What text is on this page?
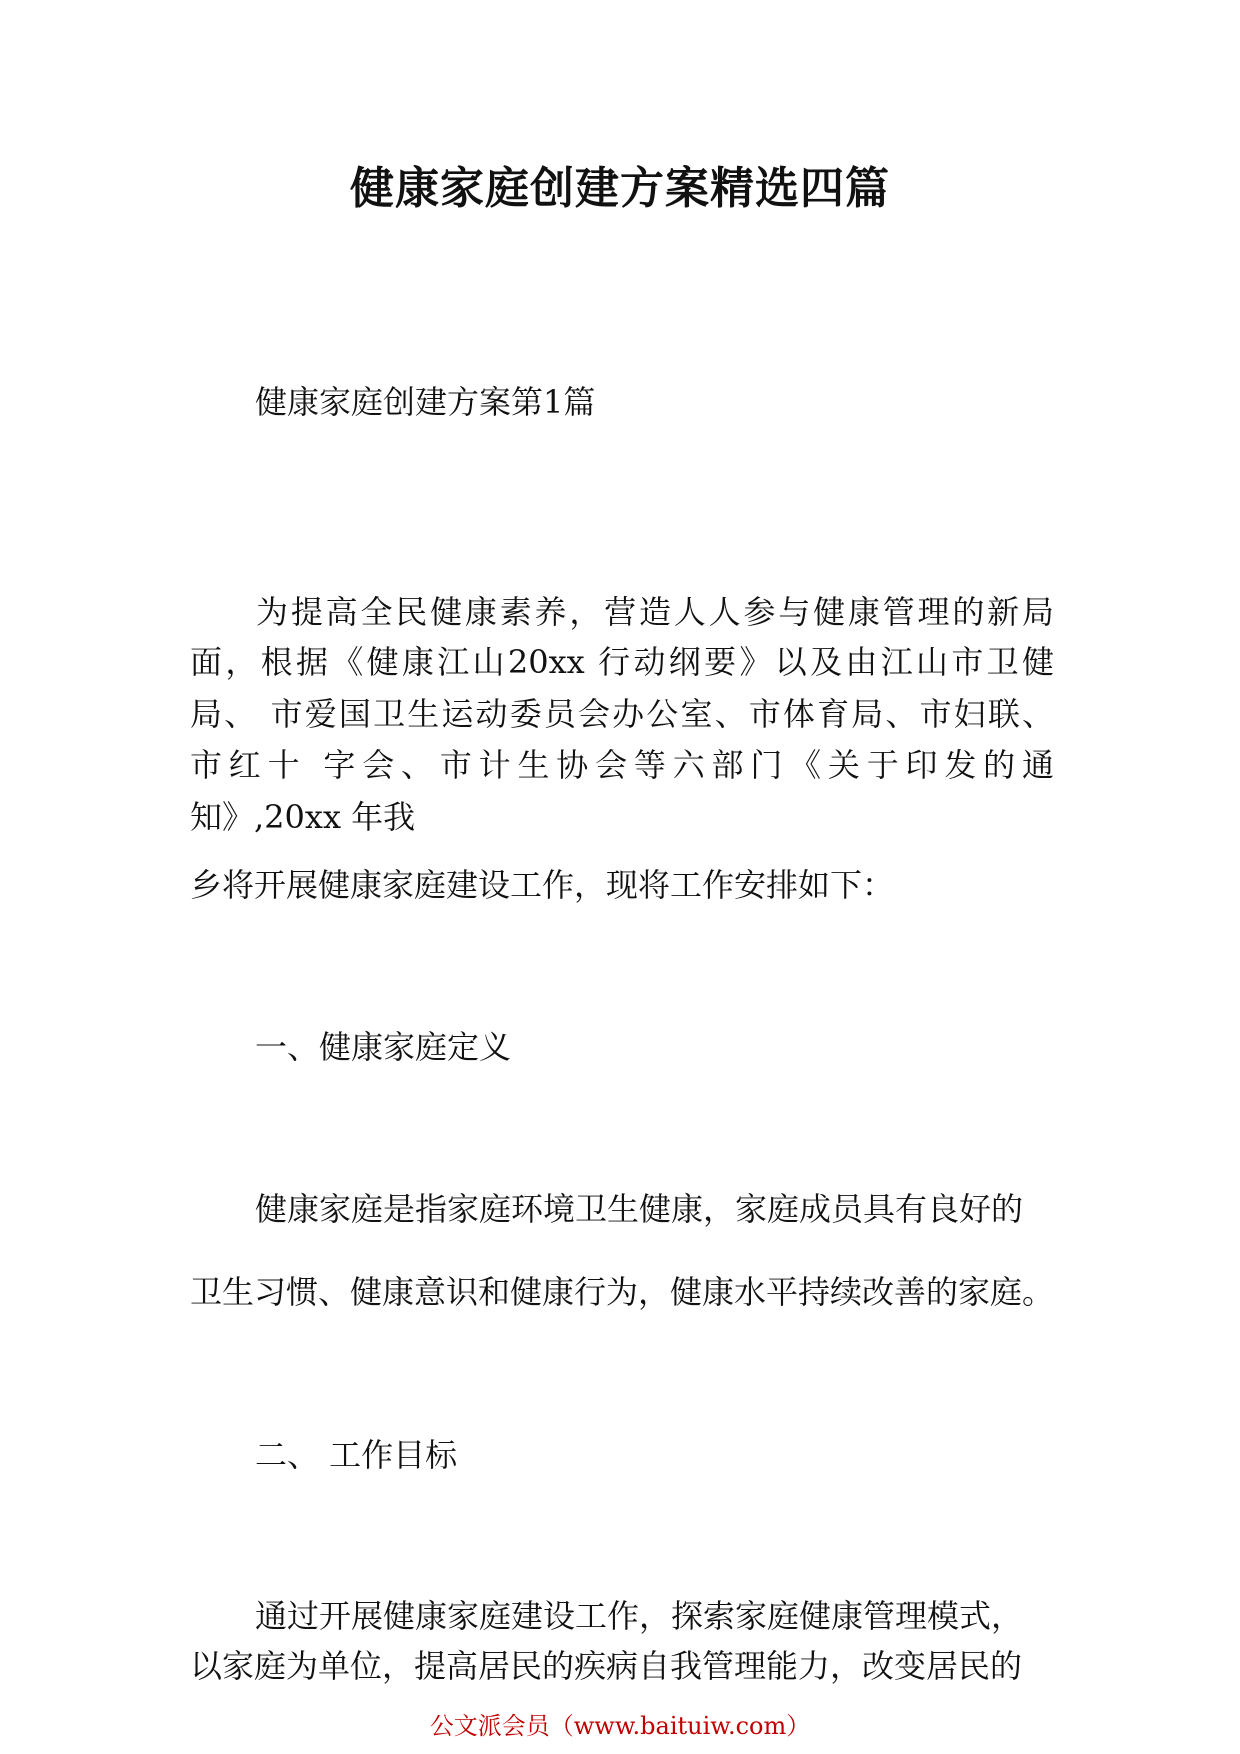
健康家庭创建方案精选四篇
健康家庭创建方案第1篇
为提高全民健康素养，营造人人参与健康管理的新局
面，根据《健康江山20xx 行动纲要》以及由江山市卫健
局、 市爱国卫生运动委员会办公室、市体育局、市妇联、
市红十 字会、市计生协会等六部门《关于印发的通
知》,20xx 年我
乡将开展健康家庭建设工作，现将工作安排如下：
一、健康家庭定义
健康家庭是指家庭环境卫生健康，家庭成员具有良好的
卫生习惯、健康意识和健康行为，健康水平持续改善的家庭。
二、 工作目标
通过开展健康家庭建设工作，探索家庭健康管理模式，
以家庭为单位，提高居民的疾病自我管理能力，改变居民的
公文派会员（www.baituiw.com）
